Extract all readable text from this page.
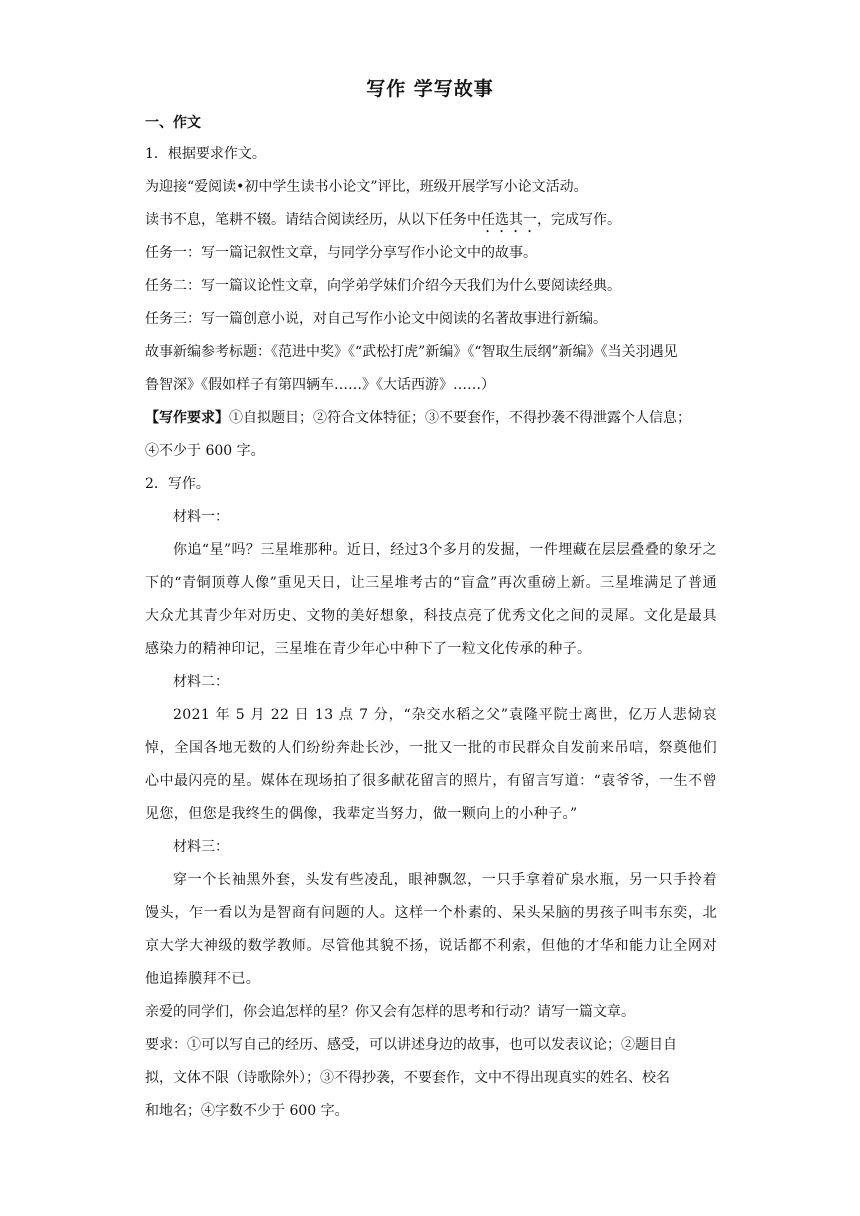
写作 学写故事
一、作文
1．根据要求作文。
为迎接“爱阅读•初中学生读书小论文”评比，班级开展学写小论文活动。
读书不息，笔耕不辍。请结合阅读经历，从以下任务中任选其一，完成写作。
任务一：写一篇记叙性文章，与同学分享写作小论文中的故事。
任务二：写一篇议论性文章，向学弟学妹们介绍今天我们为什么要阅读经典。
任务三：写一篇创意小说，对自己写作小论文中阅读的名著故事进行新编。
故事新编参考标题：《范进中奖》《“武松打虎”新编》《“智取生辰纲”新编》《当关羽遇见
鲁智深》《假如样子有第四辆车……》《大话西游》……）
【写作要求】①自拟题目；②符合文体特征；③不要套作，不得抄袭不得泄露个人信息；
④不少于 600 字。
2．写作。
材料一：
你追“星”吗？三星堆那种。近日，经过3个多月的发掘，一件埋藏在层层叠叠的象牙之下的“青铜顶尊人像”重见天日，让三星堆考古的“盲盒”再次重磅上新。三星堆满足了普通大众尤其青少年对历史、文物的美好想象，科技点亮了优秀文化之间的灵犀。文化是最具感染力的精神印记，三星堆在青少年心中种下了一粒文化传承的种子。
材料二：
2021 年 5 月 22 日 13 点 7 分，“杂交水稻之父”袁隆平院士离世，亿万人悲恸哀悼，全国各地无数的人们纷纷奔赴长沙，一批又一批的市民群众自发前来吊唁，祭奠他们心中最闪亮的星。媒体在现场拍了很多献花留言的照片，有留言写道：“袁爷爷，一生不曾见您，但您是我终生的偶像，我辈定当努力，做一颗向上的小种子。”
材料三：
穿一个长袖黑外套，头发有些凌乱，眼神飘忽，一只手拿着矿泉水瓶，另一只手拎着馒头，乍一看以为是智商有问题的人。这样一个朴素的、呆头呆脑的男孩子叫韦东奕，北京大学大神级的数学教师。尽管他其貌不扬，说话都不利索，但他的才华和能力让全网对他追捧膜拜不已。
亲爱的同学们，你会追怎样的星？你又会有怎样的思考和行动？请写一篇文章。
要求：①可以写自己的经历、感受，可以讲述身边的故事，也可以发表议论；②题目自
拟，文体不限（诗歌除外）；③不得抄袭，不要套作，文中不得出现真实的姓名、校名
和地名；④字数不少于 600 字。
